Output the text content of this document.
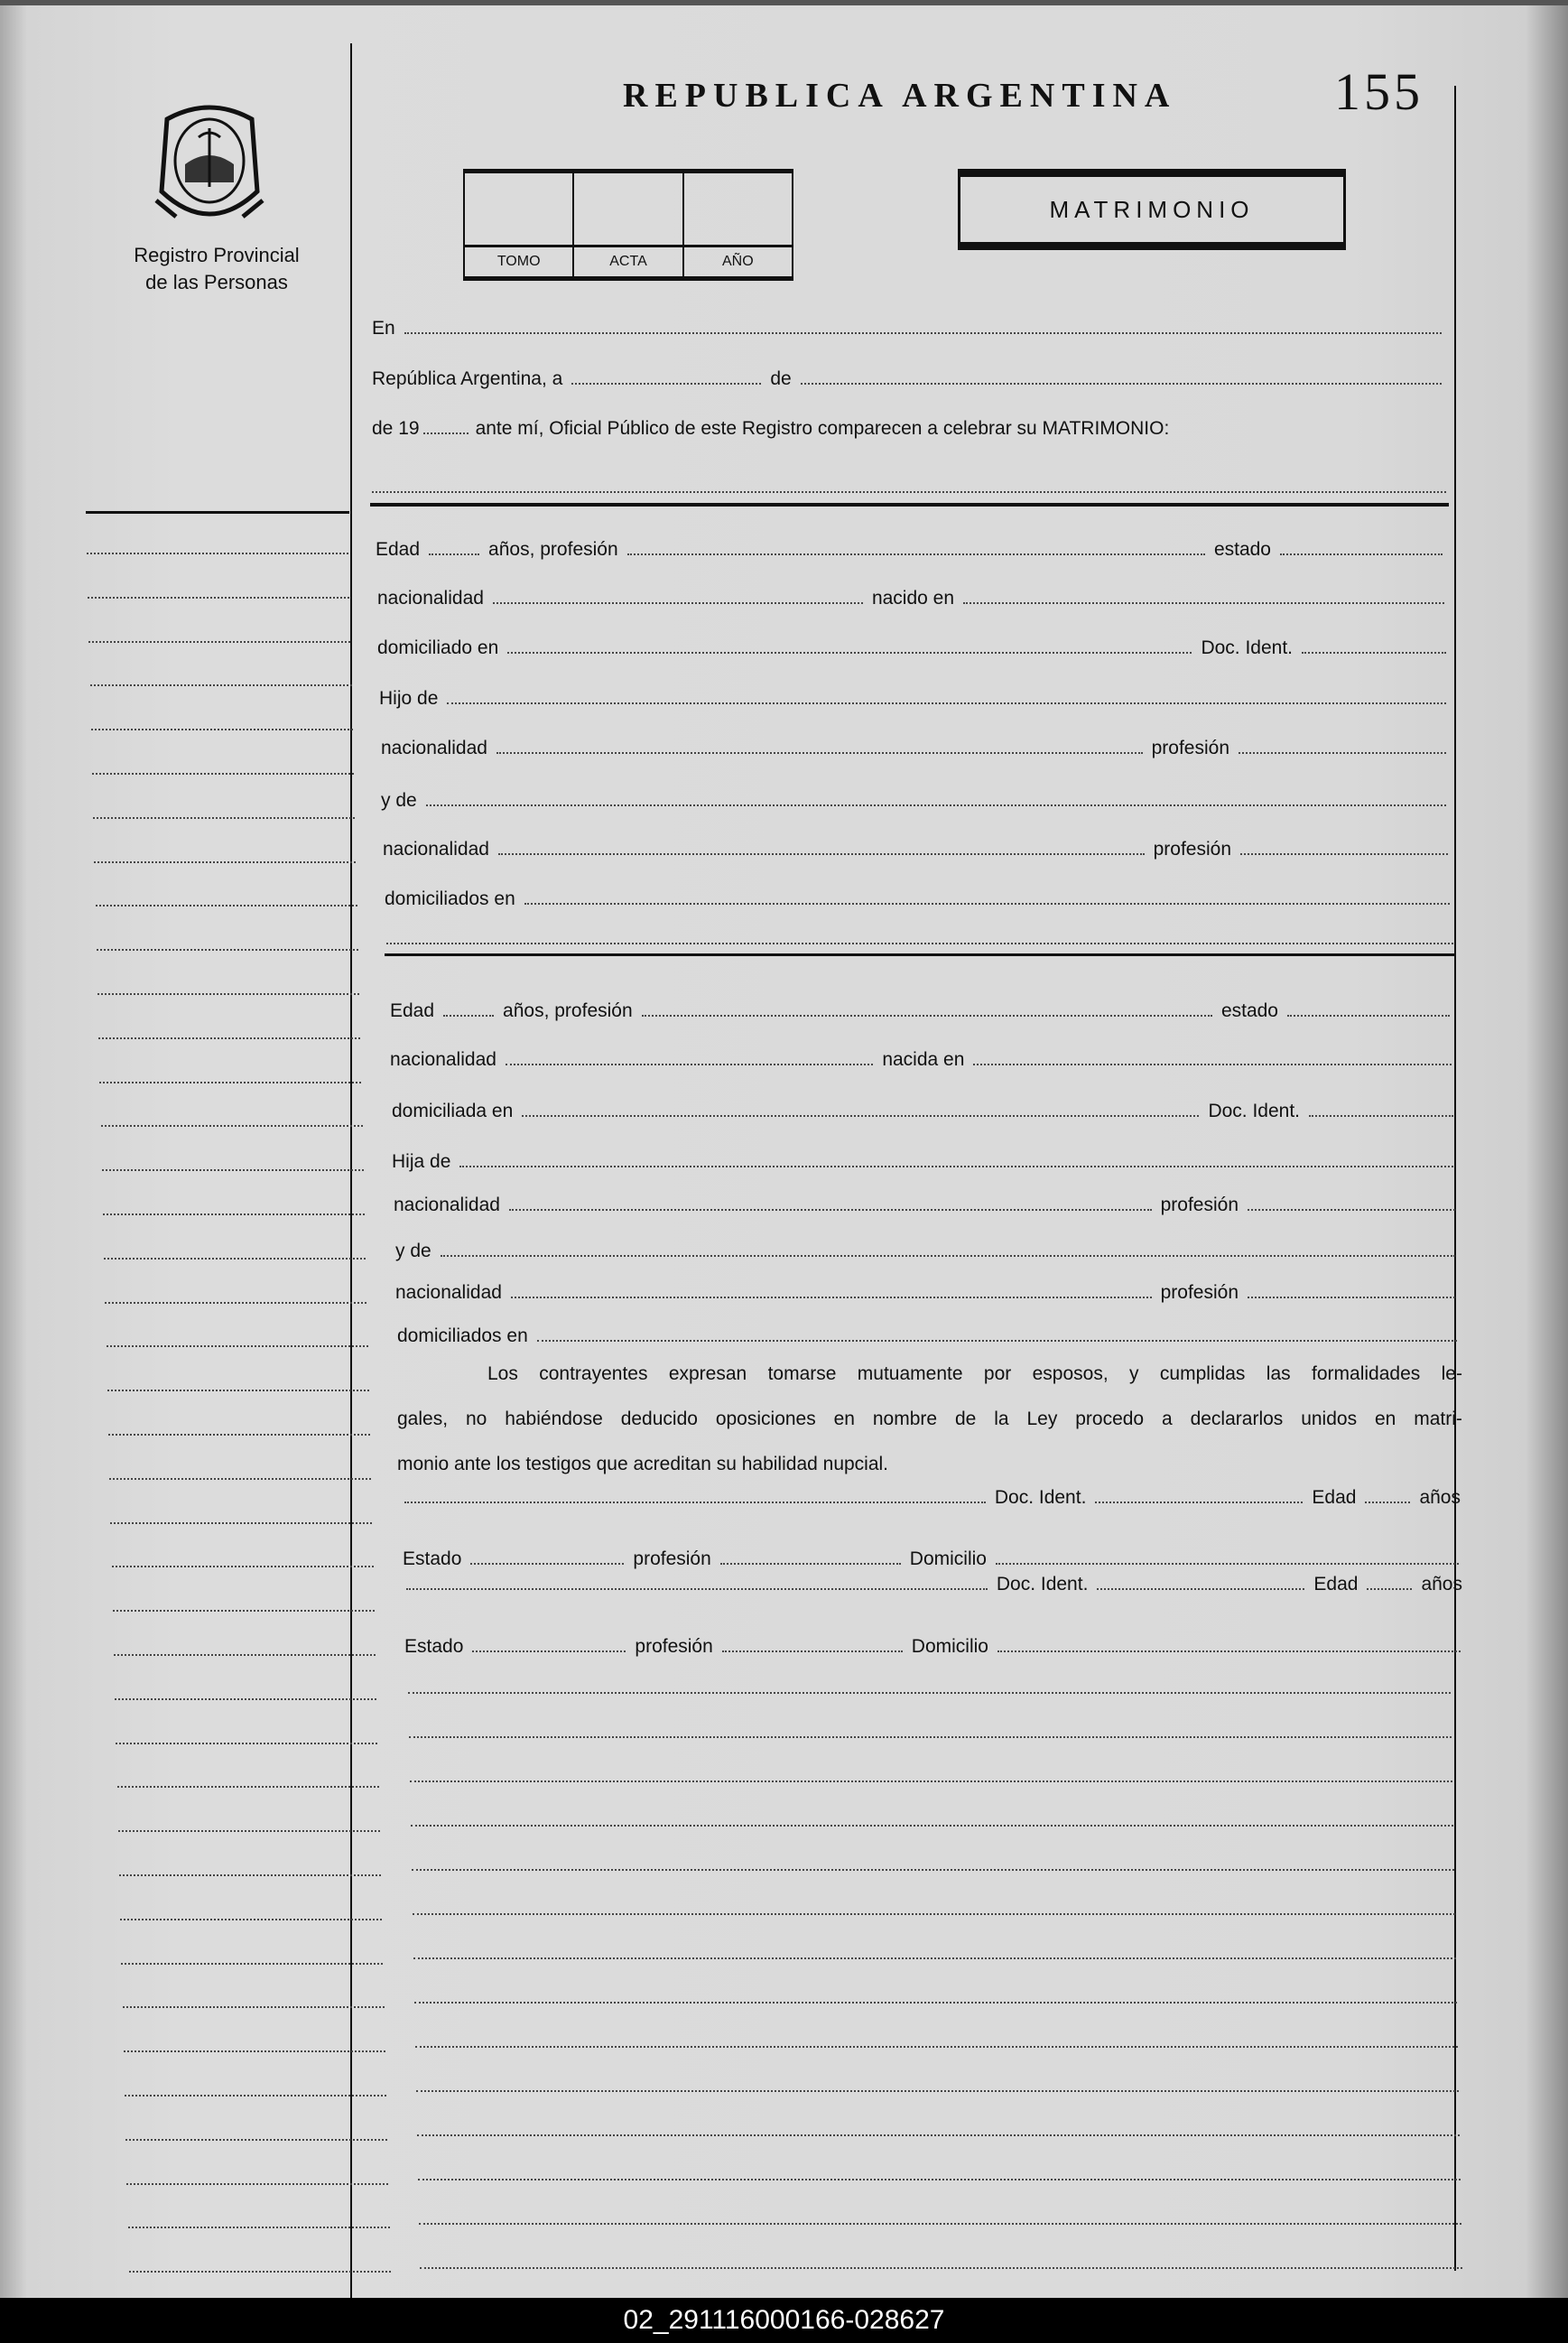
REPUBLICA ARGENTINA	155
Registro Provincial
de las Personas
TOMO	ACTA	AÑO
MATRIMONIO
En
República Argentina, a	de
de 19	ante mí, Oficial Público de este Registro comparecen a celebrar su MATRIMONIO:
Edad	años, profesión	estado
nacionalidad	nacido en
domiciliado en	Doc. Ident.
Hijo de
nacionalidad	profesión
y de
nacionalidad	profesión
domiciliados en
Edad	años, profesión	estado
nacionalidad	nacida en
domiciliada en	Doc. Ident.
Hija de
nacionalidad	profesión
y de
nacionalidad	profesión
domiciliados en
Los contrayentes expresan tomarse mutuamente por esposos, y cumplidas las formalidades le-
gales, no habiéndose deducido oposiciones en nombre de la Ley procedo a declararlos unidos en matri-
monio ante los testigos que acreditan su habilidad nupcial.
Doc. Ident.	Edad	años
Estado	profesión	Domicilio
Doc. Ident.	Edad	años
Estado	profesión	Domicilio
02_291116000166-028627
